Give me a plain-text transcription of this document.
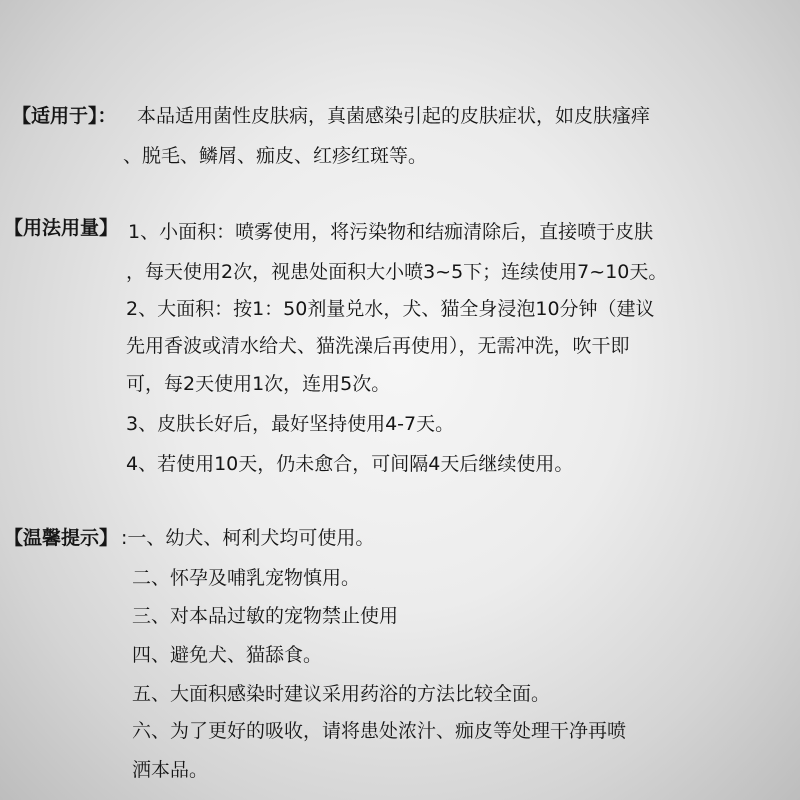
【适用于】： 本品适用菌性皮肤病，真菌感染引起的皮肤症状，如皮肤瘙痒
、脱毛、鳞屑、痂皮、红疹红斑等。
【用法用量】 1、小面积：喷雾使用，将污染物和结痂清除后，直接喷于皮肤
，每天使用2次，视患处面积大小喷3~5下；连续使用7~10天。
2、大面积：按1：50剂量兑水，犬、猫全身浸泡10分钟（建议
先用香波或清水给犬、猫洗澡后再使用），无需冲洗，吹干即
可，每2天使用1次，连用5次。
3、皮肤长好后，最好坚持使用4-7天。
4、若使用10天，仍未愈合，可间隔4天后继续使用。
【温馨提示】 :一、幼犬、柯利犬均可使用。
二、怀孕及哺乳宠物慎用。
三、对本品过敏的宠物禁止使用
四、避免犬、猫舔食。
五、大面积感染时建议采用药浴的方法比较全面。
六、为了更好的吸收，请将患处浓汁、痂皮等处理干净再喷
洒本品。
